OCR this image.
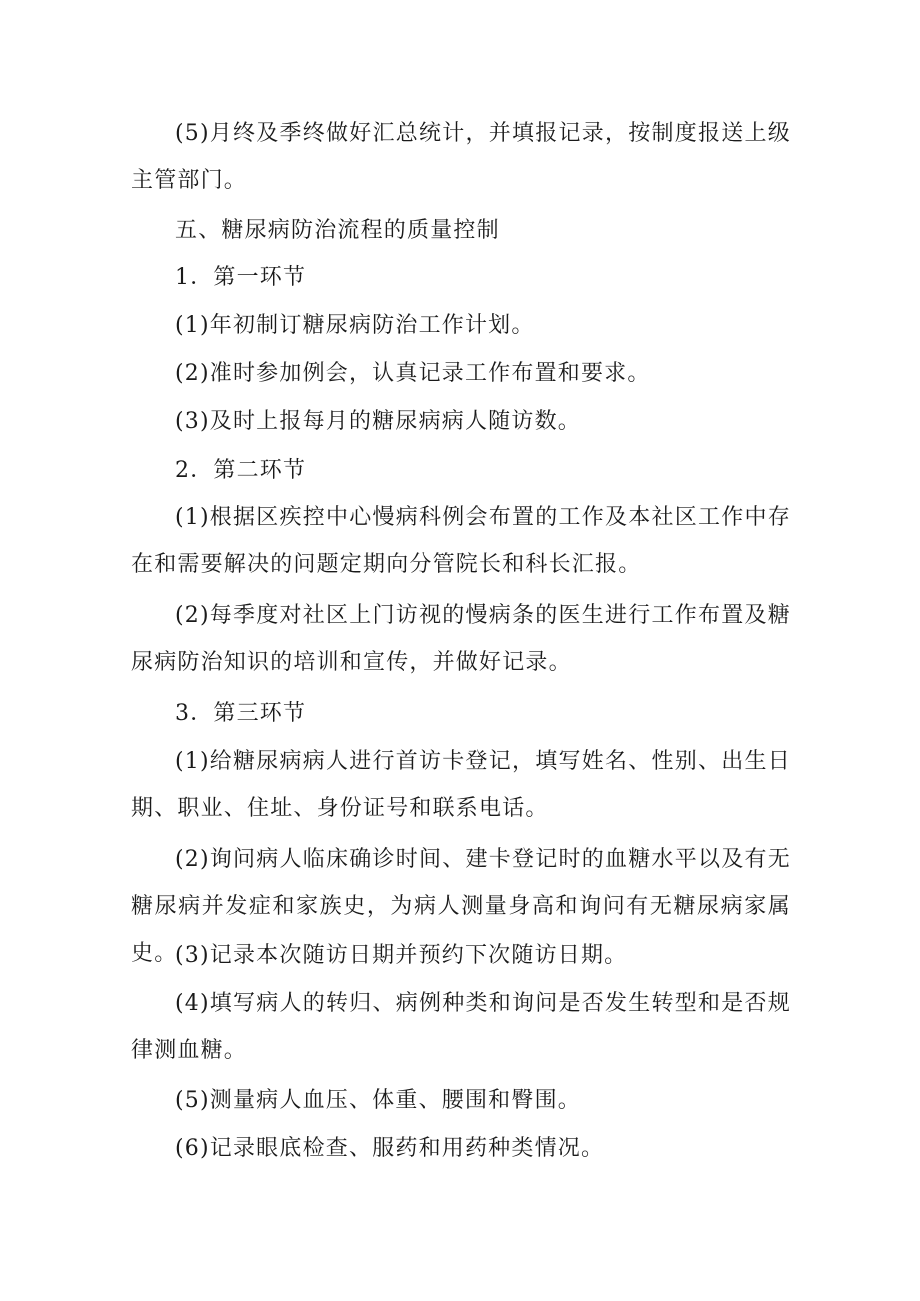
(5)月终及季终做好汇总统计，并填报记录，按制度报送上级主管部门。

五、糖尿病防治流程的质量控制

1．第一环节

(1)年初制订糖尿病防治工作计划。

(2)准时参加例会，认真记录工作布置和要求。

(3)及时上报每月的糖尿病病人随访数。

2．第二环节

(1)根据区疾控中心慢病科例会布置的工作及本社区工作中存在和需要解决的问题定期向分管院长和科长汇报。

(2)每季度对社区上门访视的慢病条的医生进行工作布置及糖尿病防治知识的培训和宣传，并做好记录。

3．第三环节

(1)给糖尿病病人进行首访卡登记，填写姓名、性别、出生日期、职业、住址、身份证号和联系电话。

(2)询问病人临床确诊时间、建卡登记时的血糖水平以及有无糖尿病并发症和家族史，为病人测量身高和询问有无糖尿病家属史。

(3)记录本次随访日期并预约下次随访日期。

(4)填写病人的转归、病例种类和询问是否发生转型和是否规律测血糖。

(5)测量病人血压、体重、腰围和臀围。

(6)记录眼底检查、服药和用药种类情况。
